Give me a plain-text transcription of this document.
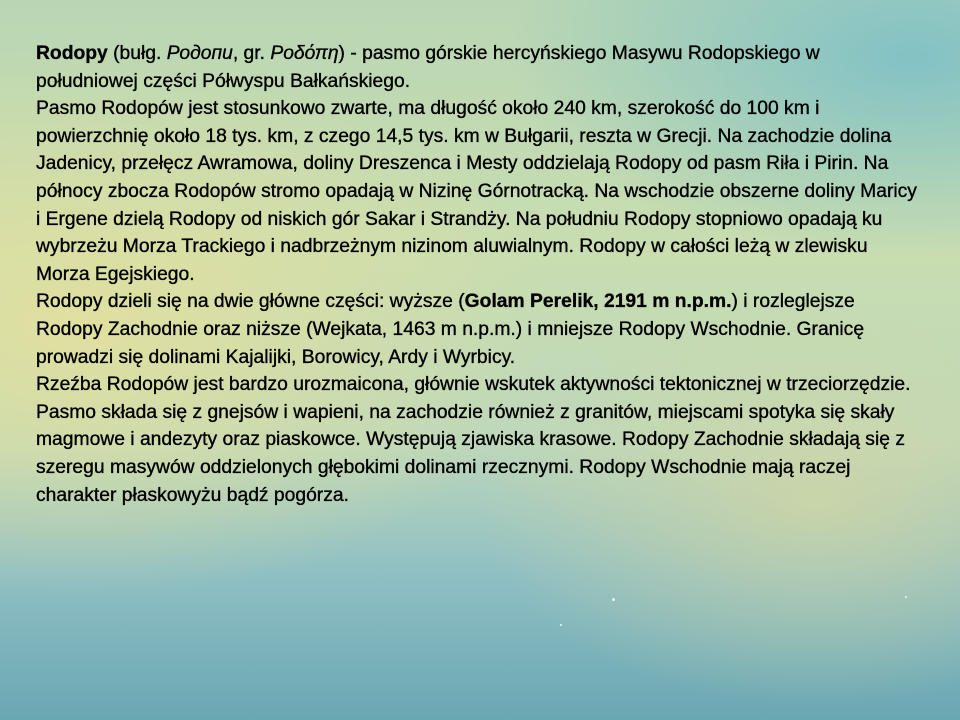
Rodopy (bułg. Родопи, gr. Ροδόπη) - pasmo górskie hercyńskiego Masywu Rodopskiego w południowej części Półwyspu Bałkańskiego.

Pasmo Rodopów jest stosunkowo zwarte, ma długość około 240 km, szerokość do 100 km i powierzchnię około 18 tys. km, z czego 14,5 tys. km w Bułgarii, reszta w Grecji. Na zachodzie dolina Jadenicy, przełęcz Awramowa, doliny Dreszenca i Mesty oddzielają Rodopy od pasm Riła i Pirin. Na północy zbocza Rodopów stromo opadają w Nizinę Górnotracką. Na wschodzie obszerne doliny Maricy i Ergene dzielą Rodopy od niskich gór Sakar i Strandży. Na południu Rodopy stopniowo opadają ku wybrzeżu Morza Trackiego i nadbrzeżnym nizinom aluwialnym. Rodopy w całości leżą w zlewisku Morza Egejskiego.

Rodopy dzieli się na dwie główne części: wyższe (Golam Perelik, 2191 m n.p.m.) i rozleglejsze Rodopy Zachodnie oraz niższe (Wejkata, 1463 m n.p.m.) i mniejsze Rodopy Wschodnie. Granicę prowadzi się dolinami Kajalijki, Borowicy, Ardy i Wyrbicy.

Rzeźba Rodopów jest bardzo urozmaicona, głównie wskutek aktywności tektonicznej w trzeciorzędzie. Pasmo składa się z gnejsów i wapieni, na zachodzie również z granitów, miejscami spotyka się skały magmowe i andezyty oraz piaskowce. Występują zjawiska krasowe. Rodopy Zachodnie składają się z szeregu masywów oddzielonych głębokimi dolinami rzecznymi. Rodopy Wschodnie mają raczej charakter płaskowyżu bądź pogórza.
